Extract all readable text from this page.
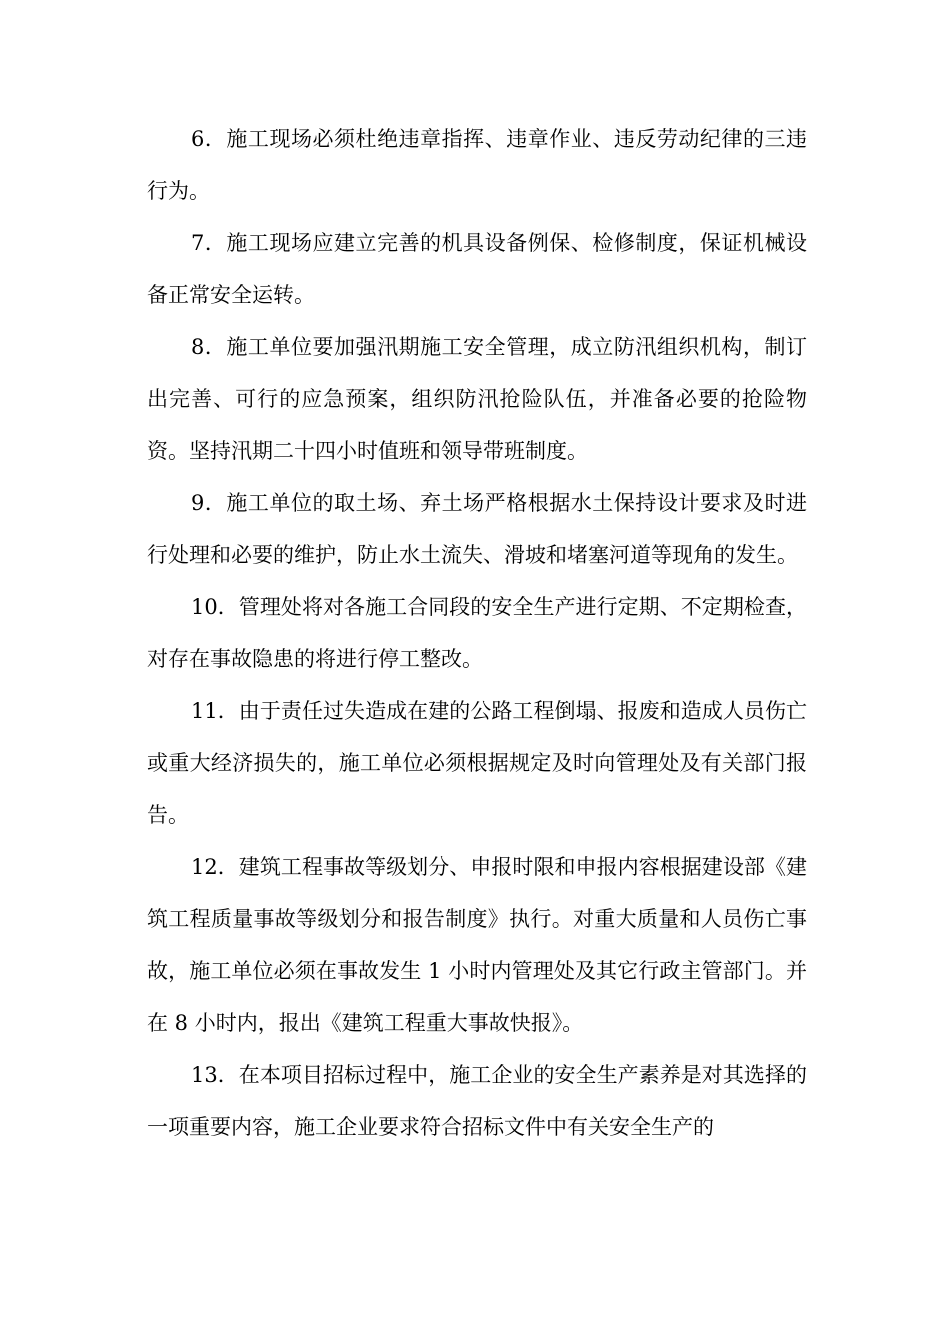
6．施工现场必须杜绝违章指挥、违章作业、违反劳动纪律的三违行为。

7．施工现场应建立完善的机具设备例保、检修制度，保证机械设备正常安全运转。

8．施工单位要加强汛期施工安全管理，成立防汛组织机构，制订出完善、可行的应急预案，组织防汛抢险队伍，并准备必要的抢险物资。坚持汛期二十四小时值班和领导带班制度。

9．施工单位的取土场、弃土场严格根据水土保持设计要求及时进行处理和必要的维护，防止水土流失、滑坡和堵塞河道等现角的发生。

10．管理处将对各施工合同段的安全生产进行定期、不定期检查，对存在事故隐患的将进行停工整改。

11．由于责任过失造成在建的公路工程倒塌、报废和造成人员伤亡或重大经济损失的，施工单位必须根据规定及时向管理处及有关部门报告。

12．建筑工程事故等级划分、申报时限和申报内容根据建设部《建筑工程质量事故等级划分和报告制度》执行。对重大质量和人员伤亡事故，施工单位必须在事故发生 1 小时内管理处及其它行政主管部门。并在 8 小时内，报出《建筑工程重大事故快报》。

13．在本项目招标过程中，施工企业的安全生产素养是对其选择的一项重要内容，施工企业要求符合招标文件中有关安全生产的
